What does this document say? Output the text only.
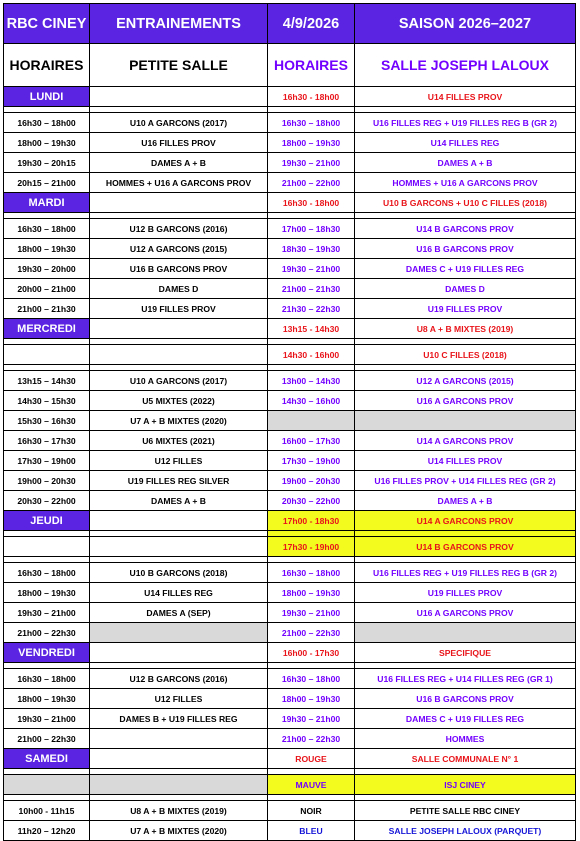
RBC CINEY	ENTRAINEMENTS	4/9/2026	SAISON 2026–2027
HORAIRES	PETITE SALLE	HORAIRES	SALLE JOSEPH LALOUX
LUNDI		16h30 - 18h00	U14 FILLES PROV

16h30 – 18h00	U10 A GARCONS (2017)	16h30 – 18h00	U16 FILLES REG + U19 FILLES REG B (GR 2)
18h00 – 19h30	U16 FILLES PROV	18h00 – 19h30	U14 FILLES REG
19h30 – 20h15	DAMES A + B	19h30 – 21h00	DAMES A + B
20h15 – 21h00	HOMMES + U16 A GARCONS PROV	21h00 – 22h00	HOMMES + U16 A GARCONS PROV
MARDI		16h30 - 18h00	U10 B GARCONS + U10 C FILLES (2018)

16h30 – 18h00	U12 B GARCONS (2016)	17h00 – 18h30	U14 B GARCONS PROV
18h00 – 19h30	U12 A GARCONS (2015)	18h30 – 19h30	U16 B GARCONS PROV
19h30 – 20h00	U16 B GARCONS PROV	19h30 – 21h00	DAMES C + U19 FILLES REG
20h00 – 21h00	DAMES D	21h00 – 21h30	DAMES D
21h00 – 21h30	U19 FILLES PROV	21h30 – 22h30	U19 FILLES PROV
MERCREDI		13h15 - 14h30	U8 A + B MIXTES (2019)

		14h30 - 16h00	U10 C FILLES (2018)

13h15 – 14h30	U10 A GARCONS (2017)	13h00 – 14h30	U12 A GARCONS (2015)
14h30 – 15h30	U5 MIXTES (2022)	14h30 – 16h00	U16 A GARCONS PROV
15h30 – 16h30	U7 A + B MIXTES (2020)		
16h30 – 17h30	U6 MIXTES (2021)	16h00 – 17h30	U14 A GARCONS PROV
17h30 – 19h00	U12 FILLES	17h30 – 19h00	U14 FILLES PROV
19h00 – 20h30	U19 FILLES REG SILVER	19h00 – 20h30	U16 FILLES PROV + U14 FILLES REG (GR 2)
20h30 – 22h00	DAMES A + B	20h30 – 22h00	DAMES A + B
JEUDI		17h00 - 18h30	U14 A GARCONS PROV

		17h30 - 19h00	U14 B GARCONS PROV

16h30 – 18h00	U10 B GARCONS (2018)	16h30 – 18h00	U16 FILLES REG + U19 FILLES REG B (GR 2)
18h00 – 19h30	U14 FILLES REG	18h00 – 19h30	U19 FILLES PROV
19h30 – 21h00	DAMES A (SEP)	19h30 – 21h00	U16 A GARCONS PROV
21h00 – 22h30		21h00 – 22h30	
VENDREDI		16h00 - 17h30	SPECIFIQUE

16h30 – 18h00	U12 B GARCONS (2016)	16h30 – 18h00	U16 FILLES REG + U14 FILLES REG (GR 1)
18h00 – 19h30	U12 FILLES	18h00 – 19h30	U16 B GARCONS PROV
19h30 – 21h00	DAMES B + U19 FILLES REG	19h30 – 21h00	DAMES C + U19 FILLES REG
21h00 – 22h30		21h00 – 22h30	HOMMES
SAMEDI		ROUGE	SALLE COMMUNALE N° 1

		MAUVE	ISJ CINEY

10h00 - 11h15	U8 A + B MIXTES (2019)	NOIR	PETITE SALLE RBC CINEY
11h20 – 12h20	U7 A + B MIXTES (2020)	BLEU	SALLE JOSEPH LALOUX (PARQUET)
